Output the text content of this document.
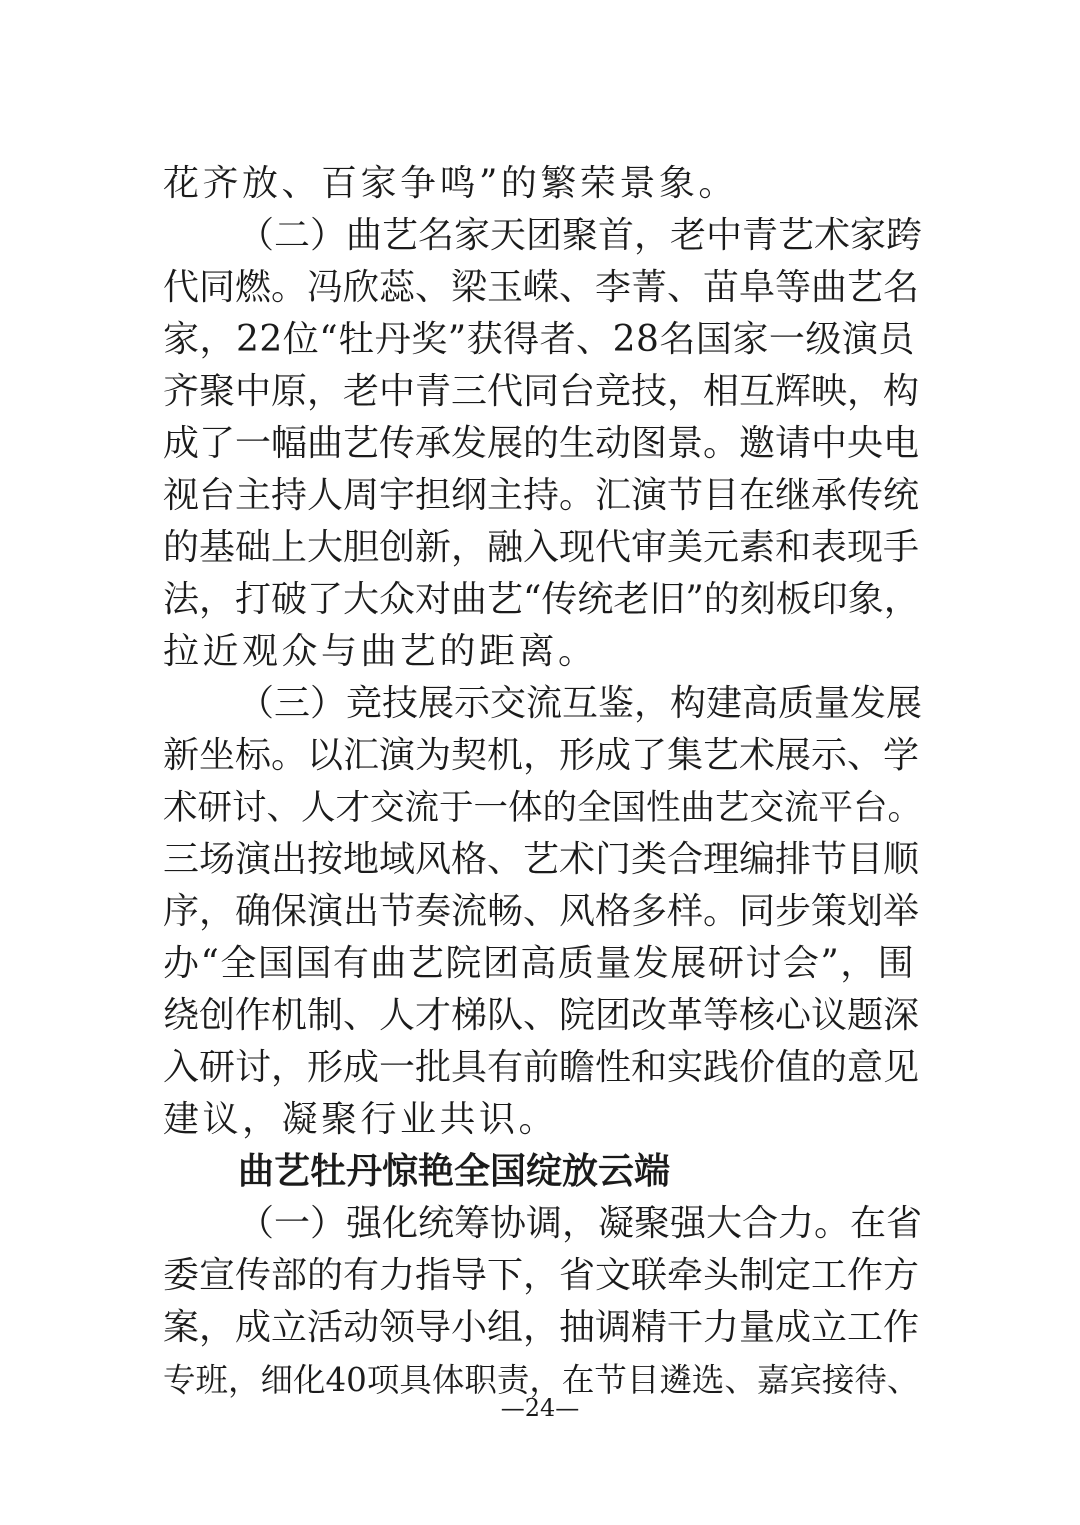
花齐放、百家争鸣”的繁荣景象。
（二）曲艺名家天团聚首，老中青艺术家跨
代同燃。冯欣蕊、梁玉嵘、李菁、苗阜等曲艺名
家，22位“牡丹奖”获得者、28名国家一级演员
齐聚中原，老中青三代同台竞技，相互辉映，构
成了一幅曲艺传承发展的生动图景。邀请中央电
视台主持人周宇担纲主持。汇演节目在继承传统
的基础上大胆创新，融入现代审美元素和表现手
法，打破了大众对曲艺“传统老旧”的刻板印象，
拉近观众与曲艺的距离。
（三）竞技展示交流互鉴，构建高质量发展
新坐标。以汇演为契机，形成了集艺术展示、学
术研讨、人才交流于一体的全国性曲艺交流平台。
三场演出按地域风格、艺术门类合理编排节目顺
序，确保演出节奏流畅、风格多样。同步策划举
办“全国国有曲艺院团高质量发展研讨会”，围
绕创作机制、人才梯队、院团改革等核心议题深
入研讨，形成一批具有前瞻性和实践价值的意见
建议，凝聚行业共识。
曲艺牡丹惊艳全国绽放云端
（一）强化统筹协调，凝聚强大合力。在省
委宣传部的有力指导下，省文联牵头制定工作方
案，成立活动领导小组，抽调精干力量成立工作
专班，细化40项具体职责，在节目遴选、嘉宾接待、
—24—
